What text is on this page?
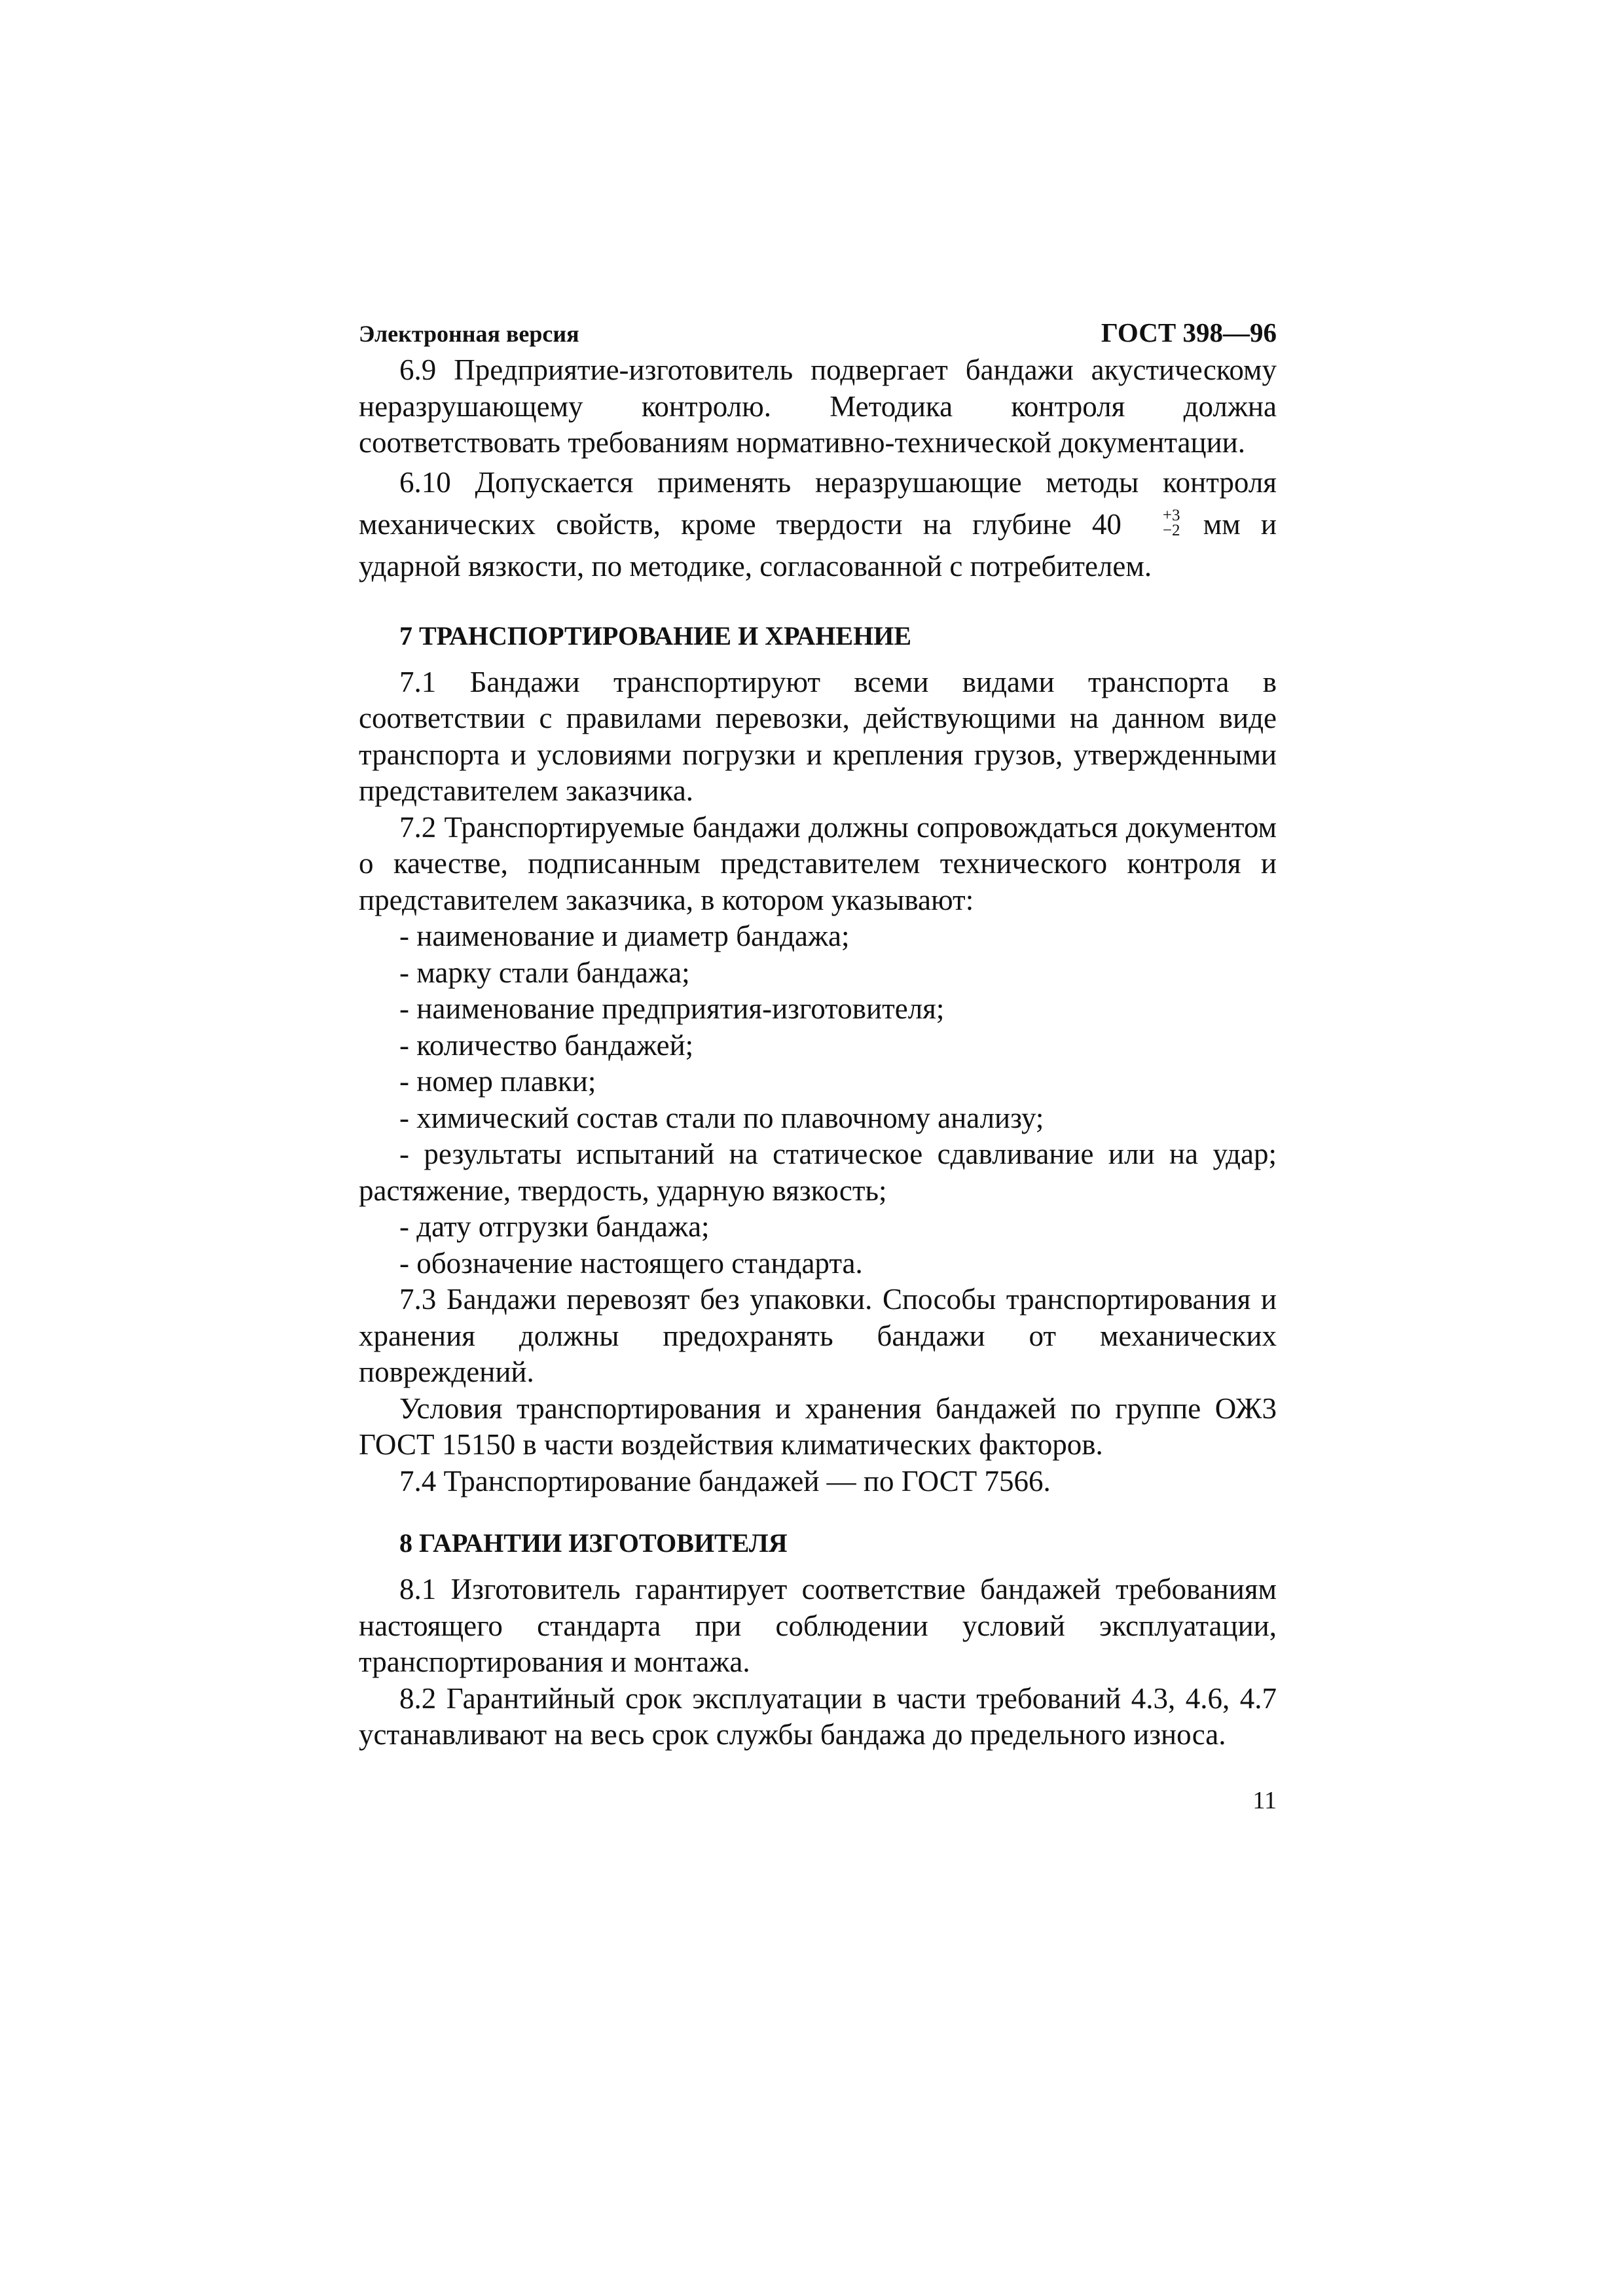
Электронная версия	ГОСТ 398—96

6.9 Предприятие-изготовитель подвергает бандажи акустическому неразрушающему контролю. Методика контроля должна соответствовать требованиям нормативно-технической документации.

6.10 Допускается применять неразрушающие методы контроля механических свойств, кроме твердости на глубине 40	+3
−2 мм и ударной вязкости, по методике, согласованной с потребителем.

7 ТРАНСПОРТИРОВАНИЕ И ХРАНЕНИЕ

7.1 Бандажи транспортируют всеми видами транспорта в соответствии с правилами перевозки, действующими на данном виде транспорта и условиями погрузки и крепления грузов, утвержденными представителем заказчика.

7.2 Транспортируемые бандажи должны сопровождаться документом о качестве, подписанным представителем технического контроля и представителем заказчика, в котором указывают:

- наименование и диаметр бандажа;

- марку стали бандажа;

- наименование предприятия-изготовителя;

- количество бандажей;

- номер плавки;

- химический состав стали по плавочному анализу;

- результаты испытаний на статическое сдавливание или на удар; растяжение, твердость, ударную вязкость;

- дату отгрузки бандажа;

- обозначение настоящего стандарта.

7.3 Бандажи перевозят без упаковки. Способы транспортирования и хранения должны предохранять бандажи от механических повреждений.

Условия транспортирования и хранения бандажей по группе ОЖ3 ГОСТ 15150 в части воздействия климатических факторов.

7.4 Транспортирование бандажей — по ГОСТ 7566.

8 ГАРАНТИИ ИЗГОТОВИТЕЛЯ

8.1 Изготовитель гарантирует соответствие бандажей требованиям настоящего стандарта при соблюдении условий эксплуатации, транспортирования и монтажа.

8.2 Гарантийный срок эксплуатации в части требований 4.3, 4.6, 4.7 устанавливают на весь срок службы бандажа до предельного износа.

11
